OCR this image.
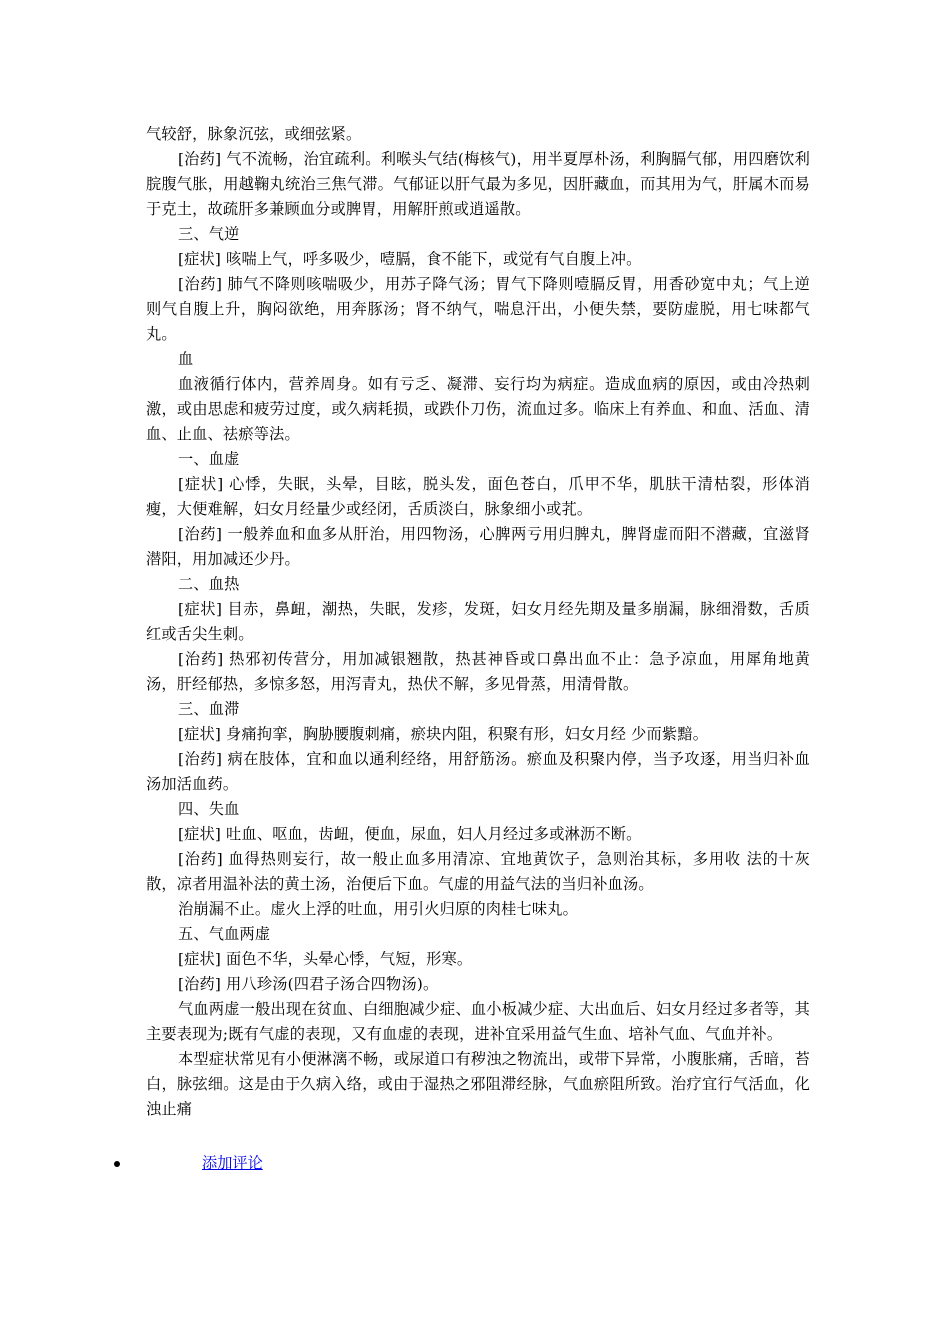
气较舒，脉象沉弦，或细弦紧。

[治药] 气不流畅，治宜疏利。利喉头气结(梅核气)，用半夏厚朴汤，利胸膈气郁，用四磨饮利脘腹气胀，用越鞠丸统治三焦气滞。气郁证以肝气最为多见，因肝藏血，而其用为气，肝属木而易于克土，故疏肝多兼顾血分或脾胃，用解肝煎或逍遥散。

三、气逆

[症状] 咳喘上气，呼多吸少，噎膈，食不能下，或觉有气自腹上冲。

[治药] 肺气不降则咳喘吸少，用苏子降气汤；胃气下降则噎膈反胃，用香砂宽中丸；气上逆则气自腹上升，胸闷欲绝，用奔豚汤；肾不纳气，喘息汗出，小便失禁，要防虚脱，用七味都气丸。

血

血液循行体内，营养周身。如有亏乏、凝滞、妄行均为病症。造成血病的原因，或由冷热刺激，或由思虑和疲劳过度，或久病耗损，或跌仆刀伤，流血过多。临床上有养血、和血、活血、清血、止血、祛瘀等法。

一、血虚

[症状] 心悸，失眠，头晕，目眩，脱头发，面色苍白，爪甲不华，肌肤干清枯裂，形体消瘦，大便难解，妇女月经量少或经闭，舌质淡白，脉象细小或芤。

[治药] 一般养血和血多从肝治，用四物汤，心脾两亏用归脾丸，脾肾虚而阳不潜藏，宜滋肾潜阳，用加减还少丹。

二、血热

[症状] 目赤，鼻衄，潮热，失眠，发疹，发斑，妇女月经先期及量多崩漏，脉细滑数，舌质红或舌尖生刺。

[治药] 热邪初传营分，用加减银翘散，热甚神昏或口鼻出血不止：急予凉血，用犀角地黄汤，肝经郁热，多惊多怒，用泻青丸，热伏不解，多见骨蒸，用清骨散。

三、血滞

[症状] 身痛拘挛，胸胁腰腹刺痛，瘀块内阻，积聚有形，妇女月经 少而紫黯。

[治药] 病在肢体，宜和血以通利经络，用舒筋汤。瘀血及积聚内停，当予攻逐，用当归补血汤加活血药。

四、失血

[症状] 吐血、呕血，齿衄，便血，尿血，妇人月经过多或淋沥不断。

[治药] 血得热则妄行，故一般止血多用清凉、宜地黄饮子，急则治其标，多用收 法的十灰散，凉者用温补法的黄土汤，治便后下血。气虚的用益气法的当归补血汤。

治崩漏不止。虚火上浮的吐血，用引火归原的肉桂七味丸。

五、气血两虚

[症状] 面色不华，头晕心悸，气短，形寒。

[治药] 用八珍汤(四君子汤合四物汤)。

气血两虚一般出现在贫血、白细胞减少症、血小板减少症、大出血后、妇女月经过多者等，其主要表现为;既有气虚的表现，又有血虚的表现，进补宜采用益气生血、培补气血、气血并补。

本型症状常见有小便淋漓不畅，或尿道口有秽浊之物流出，或带下异常，小腹胀痛，舌暗，苔白，脉弦细。这是由于久病入络，或由于湿热之邪阻滞经脉，气血瘀阻所致。治疗宜行气活血，化浊止痛

添加评论
